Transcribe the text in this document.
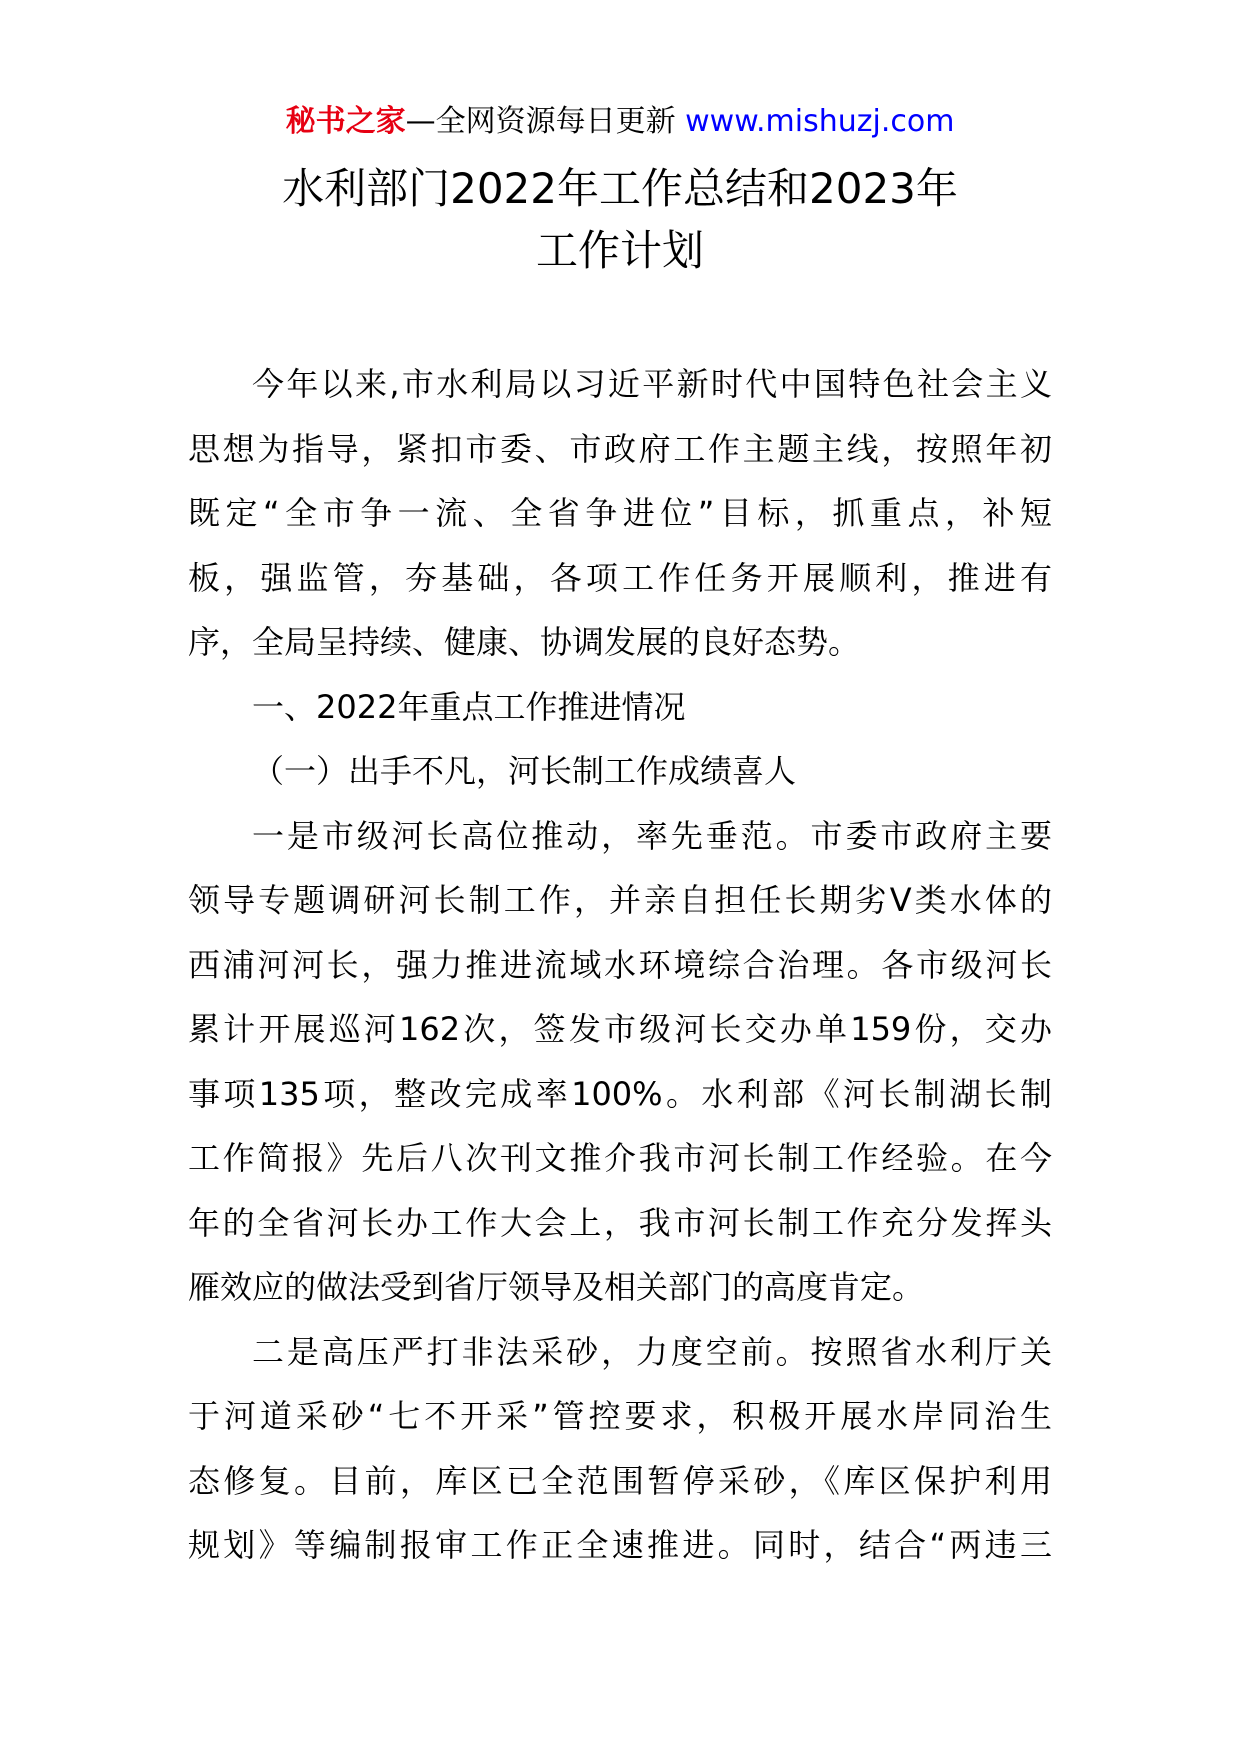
秘书之家—全网资源每日更新 www.mishuzj.com
水利部门2022年工作总结和2023年
工作计划
今年以来,市水利局以习近平新时代中国特色社会主义
思想为指导，紧扣市委、市政府工作主题主线，按照年初
既定“全市争一流、全省争进位”目标，抓重点，补短
板，强监管，夯基础，各项工作任务开展顺利，推进有
序，全局呈持续、健康、协调发展的良好态势。
一、2022年重点工作推进情况
（一）出手不凡，河长制工作成绩喜人
一是市级河长高位推动，率先垂范。市委市政府主要
领导专题调研河长制工作，并亲自担任长期劣Ⅴ类水体的
西浦河河长，强力推进流域水环境综合治理。各市级河长
累计开展巡河162次，签发市级河长交办单159份，交办
事项135项，整改完成率100%。水利部《河长制湖长制
工作简报》先后八次刊文推介我市河长制工作经验。在今
年的全省河长办工作大会上，我市河长制工作充分发挥头
雁效应的做法受到省厅领导及相关部门的高度肯定。
二是高压严打非法采砂，力度空前。按照省水利厅关
于河道采砂“七不开采”管控要求，积极开展水岸同治生
态修复。目前，库区已全范围暂停采砂，《库区保护利用
规划》等编制报审工作正全速推进。同时，结合“两违三
